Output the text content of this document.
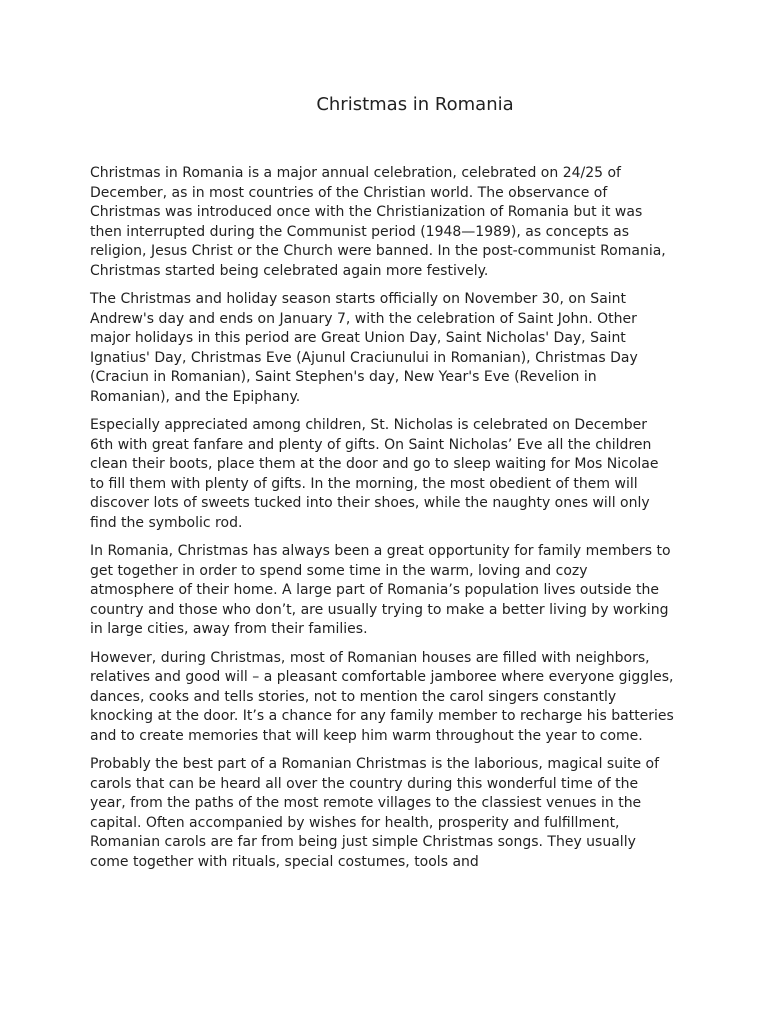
Christmas in Romania

Christmas in Romania is a major annual celebration, celebrated on 24/25 of December, as in most countries of the Christian world. The observance of Christmas was introduced once with the Christianization of Romania but it was then interrupted during the Communist period (1948—1989), as concepts as religion, Jesus Christ or the Church were banned. In the post-communist Romania, Christmas started being celebrated again more festively.

The Christmas and holiday season starts officially on November 30, on Saint Andrew's day and ends on January 7, with the celebration of Saint John. Other major holidays in this period are Great Union Day, Saint Nicholas' Day, Saint Ignatius' Day, Christmas Eve (Ajunul Craciunului in Romanian), Christmas Day (Craciun in Romanian), Saint Stephen's day, New Year's Eve (Revelion in Romanian), and the Epiphany.

Especially appreciated among children, St. Nicholas is celebrated on December 6th with great fanfare and plenty of gifts. On Saint Nicholas’ Eve all the children clean their boots, place them at the door and go to sleep waiting for Mos Nicolae to fill them with plenty of gifts. In the morning, the most obedient of them will discover lots of sweets tucked into their shoes, while the naughty ones will only find the symbolic rod.

In Romania, Christmas has always been a great opportunity for family members to get together in order to spend some time in the warm, loving and cozy atmosphere of their home. A large part of Romania’s population lives outside the country and those who don’t, are usually trying to make a better living by working in large cities, away from their families.

However, during Christmas, most of Romanian houses are filled with neighbors, relatives and good will – a pleasant comfortable jamboree where everyone giggles, dances, cooks and tells stories, not to mention the carol singers constantly knocking at the door. It’s a chance for any family member to recharge his batteries and to create memories that will keep him warm throughout the year to come.

Probably the best part of a Romanian Christmas is the laborious, magical suite of carols that can be heard all over the country during this wonderful time of the year, from the paths of the most remote villages to the classiest venues in the capital. Often accompanied by wishes for health, prosperity and fulfillment, Romanian carols are far from being just simple Christmas songs. They usually come together with rituals, special costumes, tools and
